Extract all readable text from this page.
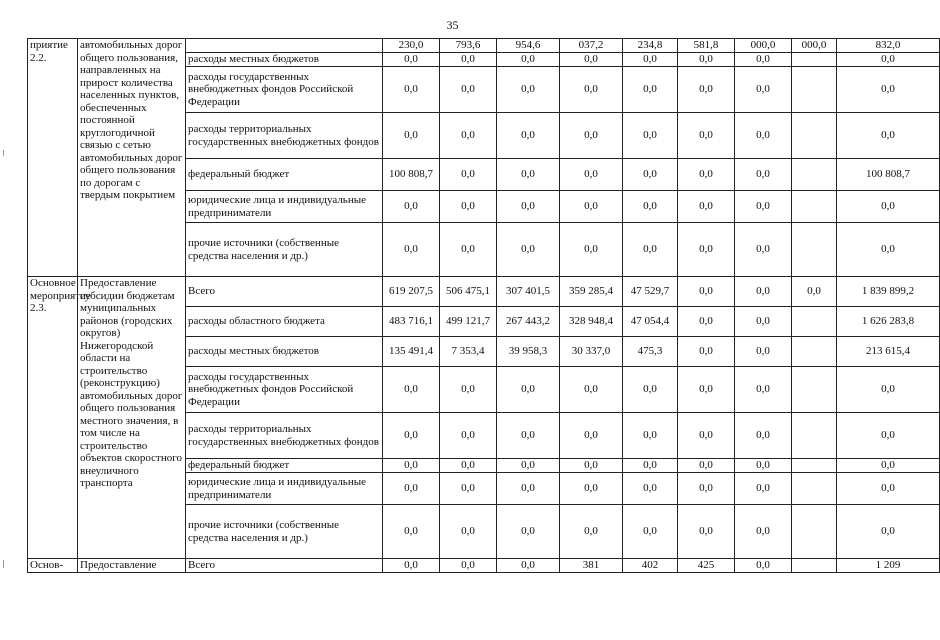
35
приятие 2.2.	автомобильных дорог общего пользования, направленных на прирост количества населенных пунктов, обеспеченных постоянной круглогодичной связью с сетью автомобильных дорог общего пользования по дорогам с твердым покрытием		230,0	793,6	954,6	037,2	234,8	581,8	000,0	000,0	832,0
		расходы местных бюджетов	0,0	0,0	0,0	0,0	0,0	0,0	0,0		0,0
		расходы государственных внебюджетных фондов Российской Федерации	0,0	0,0	0,0	0,0	0,0	0,0	0,0		0,0
		расходы территориальных государственных внебюджетных фондов	0,0	0,0	0,0	0,0	0,0	0,0	0,0		0,0
		федеральный бюджет	100 808,7	0,0	0,0	0,0	0,0	0,0	0,0		100 808,7
		юридические лица и индивидуальные предприниматели	0,0	0,0	0,0	0,0	0,0	0,0	0,0		0,0
		прочие источники (собственные средства населения и др.)	0,0	0,0	0,0	0,0	0,0	0,0	0,0		0,0
Основное мероприятие 2.3.	Предоставление субсидии бюджетам муниципальных районов (городских округов) Нижегородской области на строительство (реконструкцию) автомобильных дорог общего пользования местного значения, в том числе на строительство объектов скоростного внеуличного транспорта	Всего	619 207,5	506 475,1	307 401,5	359 285,4	47 529,7	0,0	0,0	0,0	1 839 899,2
		расходы областного бюджета	483 716,1	499 121,7	267 443,2	328 948,4	47 054,4	0,0	0,0		1 626 283,8
		расходы местных бюджетов	135 491,4	7 353,4	39 958,3	30 337,0	475,3	0,0	0,0		213 615,4
		расходы государственных внебюджетных фондов Российской Федерации	0,0	0,0	0,0	0,0	0,0	0,0	0,0		0,0
		расходы территориальных государственных внебюджетных фондов	0,0	0,0	0,0	0,0	0,0	0,0	0,0		0,0
		федеральный бюджет	0,0	0,0	0,0	0,0	0,0	0,0	0,0		0,0
		юридические лица и индивидуальные предприниматели	0,0	0,0	0,0	0,0	0,0	0,0	0,0		0,0
		прочие источники (собственные средства населения и др.)	0,0	0,0	0,0	0,0	0,0	0,0	0,0		0,0
Основ-	Предоставление	Всего	0,0	0,0	0,0	381	402	425	0,0		1 209
